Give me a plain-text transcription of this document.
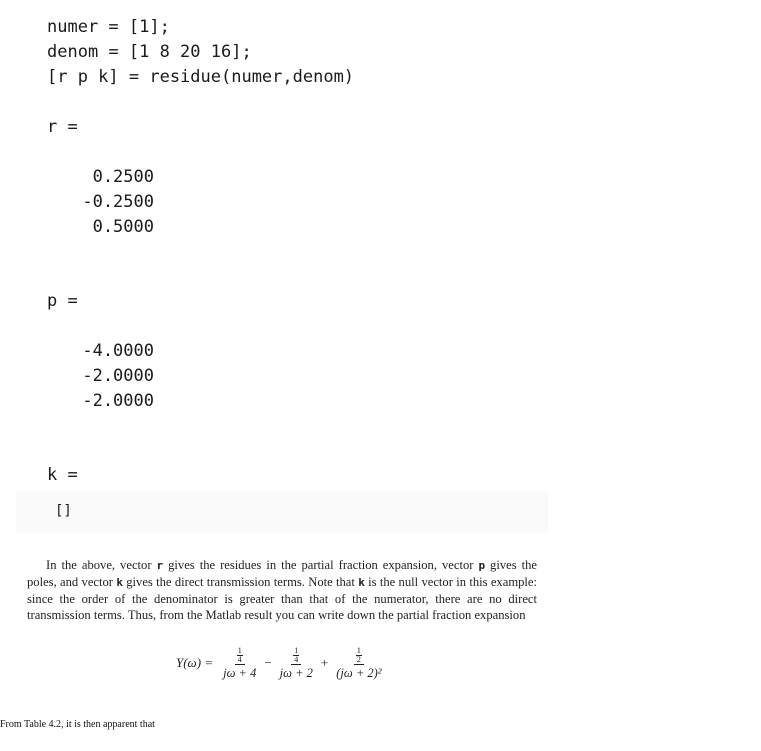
numer = [1];
denom = [1 8 20 16];
[r p k] = residue(numer,denom)
r =
0.2500
-0.2500
0.5000
p =
-4.0000
-2.0000
-2.0000
k =
[]

In the above, vector r gives the residues in the partial fraction expansion, vector p gives the poles, and vector k gives the direct transmission terms. Note that k is the null vector in this example: since the order of the denominator is greater than that of the numerator, there are no direct transmission terms. Thus, from the Matlab result you can write down the partial fraction expansion

$Y(\omega) = \frac{\frac{1}{4}}{j\omega + 4} - \frac{\frac{1}{4}}{j\omega + 2} + \frac{\frac{1}{2}}{\text{(jω + 2)²}}$
From Table 4.2, it is then apparent that
